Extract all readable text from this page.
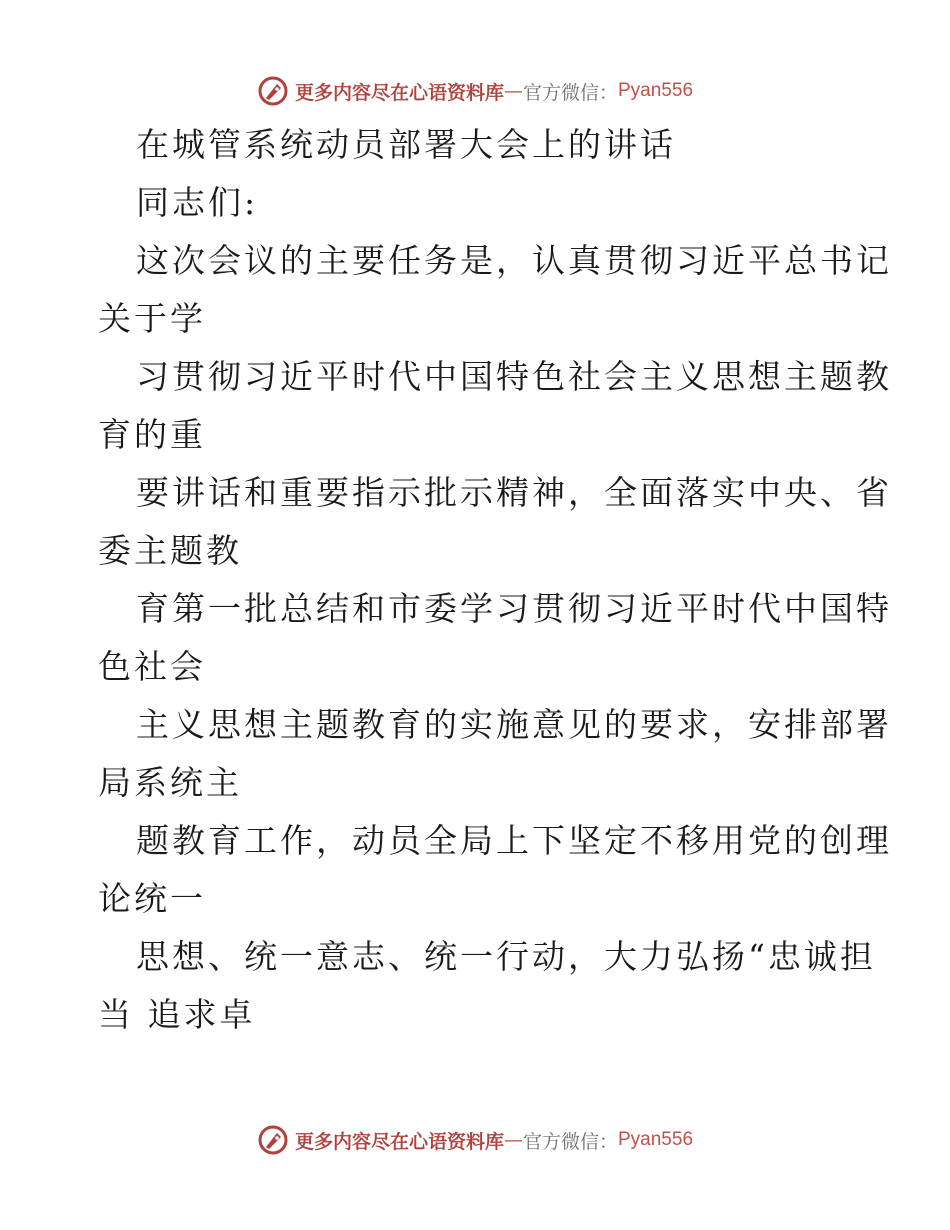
更多内容尽在心语资料库 — 官方微信： Pyan556
在城管系统动员部署大会上的讲话
同志们:
这次会议的主要任务是，认真贯彻习近平总书记
关于学
习贯彻习近平时代中国特色社会主义思想主题教
育的重
要讲话和重要指示批示精神，全面落实中央、省
委主题教
育第一批总结和市委学习贯彻习近平时代中国特
色社会
主义思想主题教育的实施意见的要求，安排部署
局系统主
题教育工作，动员全局上下坚定不移用党的创理
论统一
思想、统一意志、统一行动，大力弘扬“忠诚担
当 追求卓
更多内容尽在心语资料库 — 官方微信： Pyan556
